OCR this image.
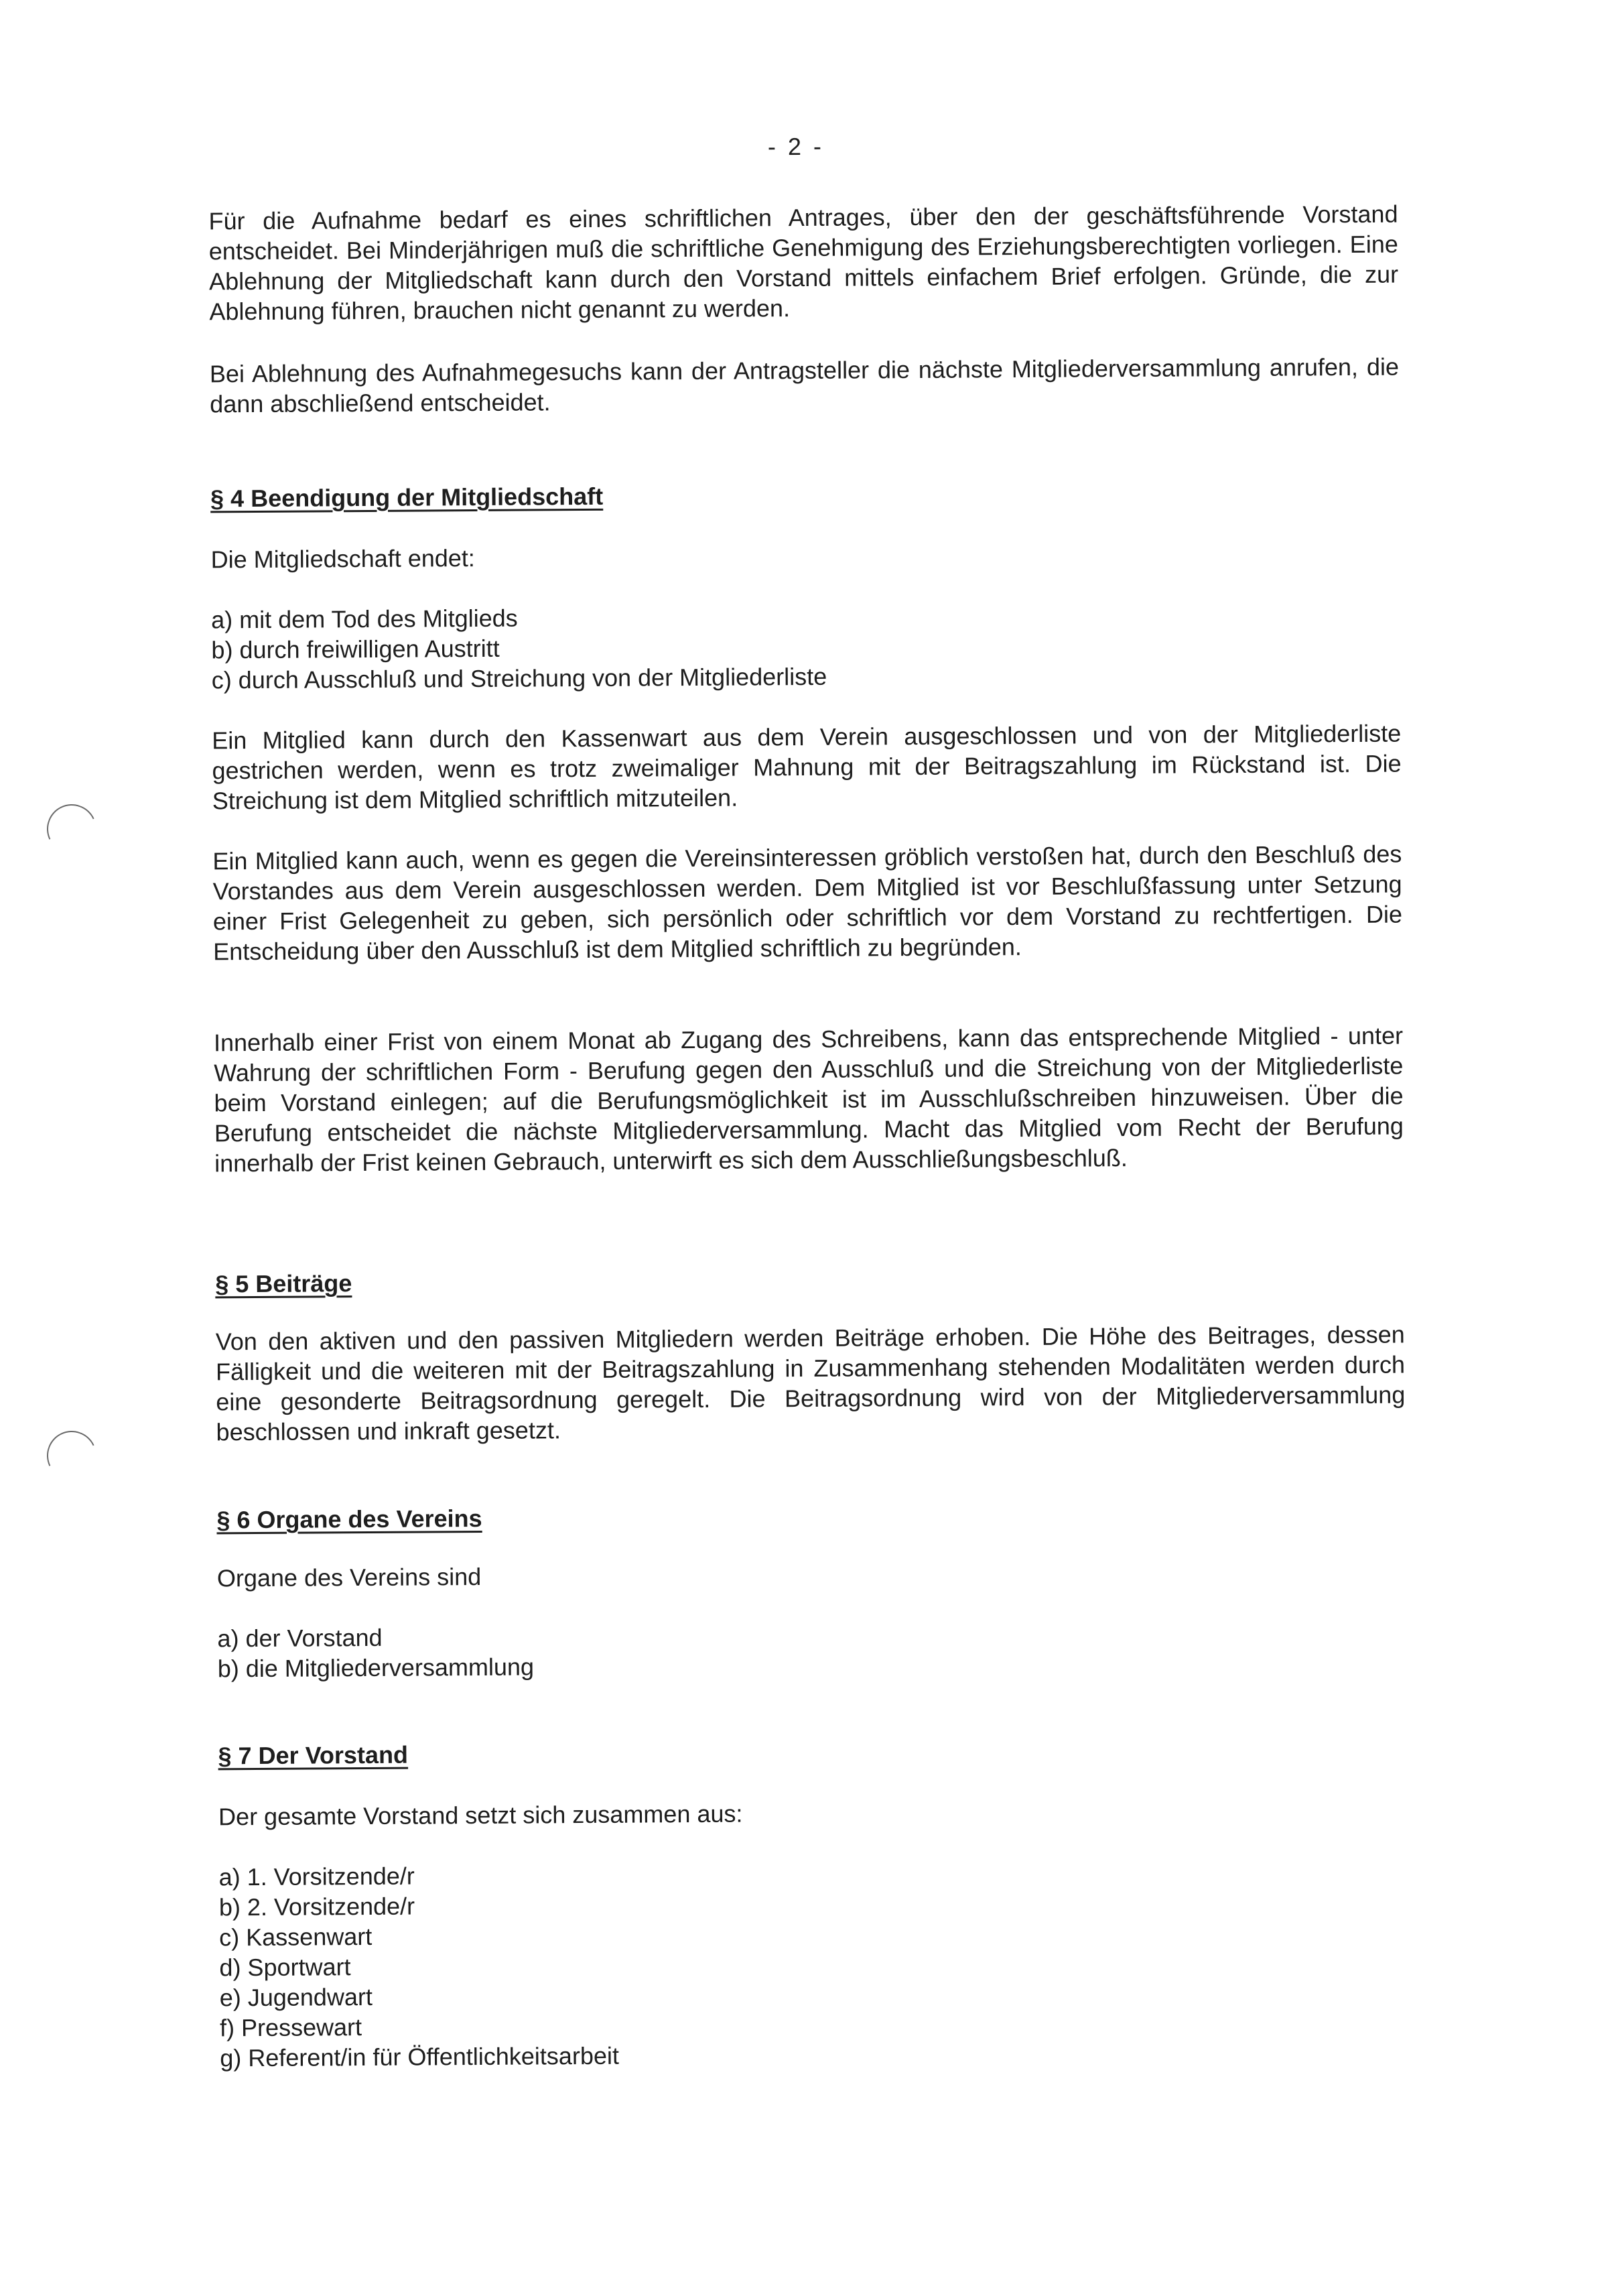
- 2 -

Für die Aufnahme bedarf es eines schriftlichen Antrages, über den der geschäftsführende Vorstand entscheidet. Bei Minderjährigen muß die schriftliche Genehmigung des Erziehungsberechtigten vorliegen. Eine Ablehnung der Mitgliedschaft kann durch den Vorstand mittels einfachem Brief erfolgen. Gründe, die zur Ablehnung führen, brauchen nicht genannt zu werden.

Bei Ablehnung des Aufnahmegesuchs kann der Antragsteller die nächste Mitgliederversammlung anrufen, die dann abschließend entscheidet.

§ 4 Beendigung der Mitgliedschaft

Die Mitgliedschaft endet:

a) mit dem Tod des Mitglieds
b) durch freiwilligen Austritt
c) durch Ausschluß und Streichung von der Mitgliederliste

Ein Mitglied kann durch den Kassenwart aus dem Verein ausgeschlossen und von der Mitgliederliste gestrichen werden, wenn es trotz zweimaliger Mahnung mit der Beitragszahlung im Rückstand ist. Die Streichung ist dem Mitglied schriftlich mitzuteilen.

Ein Mitglied kann auch, wenn es gegen die Vereinsinteressen gröblich verstoßen hat, durch den Beschluß des Vorstandes aus dem Verein ausgeschlossen werden. Dem Mitglied ist vor Beschlußfassung unter Setzung einer Frist Gelegenheit zu geben, sich persönlich oder schriftlich vor dem Vorstand zu rechtfertigen. Die Entscheidung über den Ausschluß ist dem Mitglied schriftlich zu begründen.

Innerhalb einer Frist von einem Monat ab Zugang des Schreibens, kann das entsprechende Mitglied - unter Wahrung der schriftlichen Form - Berufung gegen den Ausschluß und die Streichung von der Mitgliederliste beim Vorstand einlegen; auf die Berufungsmöglichkeit ist im Ausschlußschreiben hinzuweisen. Über die Berufung entscheidet die nächste Mitgliederversammlung. Macht das Mitglied vom Recht der Berufung innerhalb der Frist keinen Gebrauch, unterwirft es sich dem Ausschließungsbeschluß.

§ 5 Beiträge

Von den aktiven und den passiven Mitgliedern werden Beiträge erhoben. Die Höhe des Beitrages, dessen Fälligkeit und die weiteren mit der Beitragszahlung in Zusammenhang stehenden Modalitäten werden durch eine gesonderte Beitragsordnung geregelt. Die Beitragsordnung wird von der Mitgliederversammlung beschlossen und inkraft gesetzt.

§ 6 Organe des Vereins

Organe des Vereins sind

a) der Vorstand
b) die Mitgliederversammlung
§ 7 Der Vorstand

Der gesamte Vorstand setzt sich zusammen aus:

a) 1. Vorsitzende/r
b) 2. Vorsitzende/r
c) Kassenwart
d) Sportwart
e) Jugendwart
f) Pressewart
g) Referent/in für Öffentlichkeitsarbeit
